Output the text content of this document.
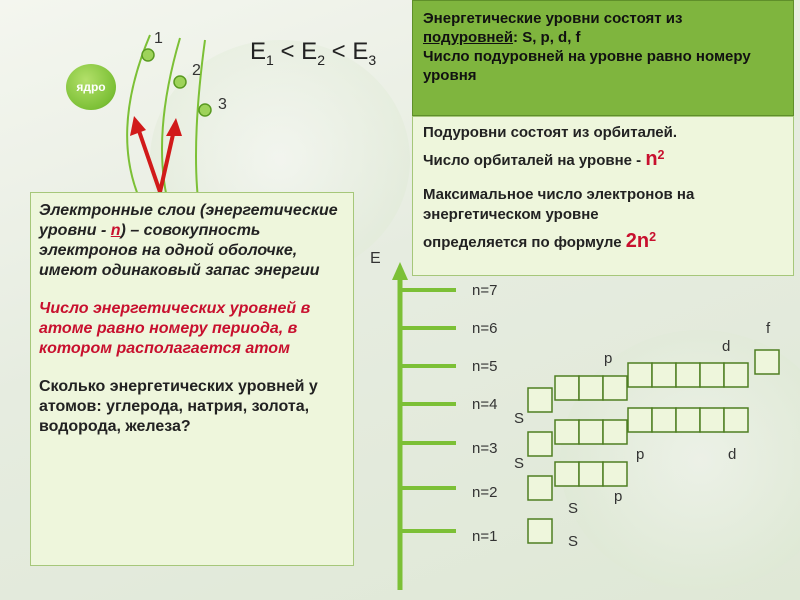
ядро
1
2
3
$E_1 < E_2 < E_3$
Энергетические уровни состоят из
подуровней: S, p, d, f
Число подуровней на уровне равно номеру уровня
Подуровни состоят из орбиталей.
Число орбиталей на уровне - $n^2$
Максимальное число электронов на энергетическом уровне
определяется по формуле $2n^2$

Электронные слои (энергетические уровни - n) – совокупность электронов на одной оболочке, имеют одинаковый запас энергии

Число энергетических уровней в атоме равно номеру периода, в котором располагается атом

Сколько энергетических уровней у атомов: углерода, натрия, золота, водорода, железа?

E
n=7
n=6
n=5
n=4
n=3
n=2
n=1	S
S
p
S
p	d
S
p
d
f
